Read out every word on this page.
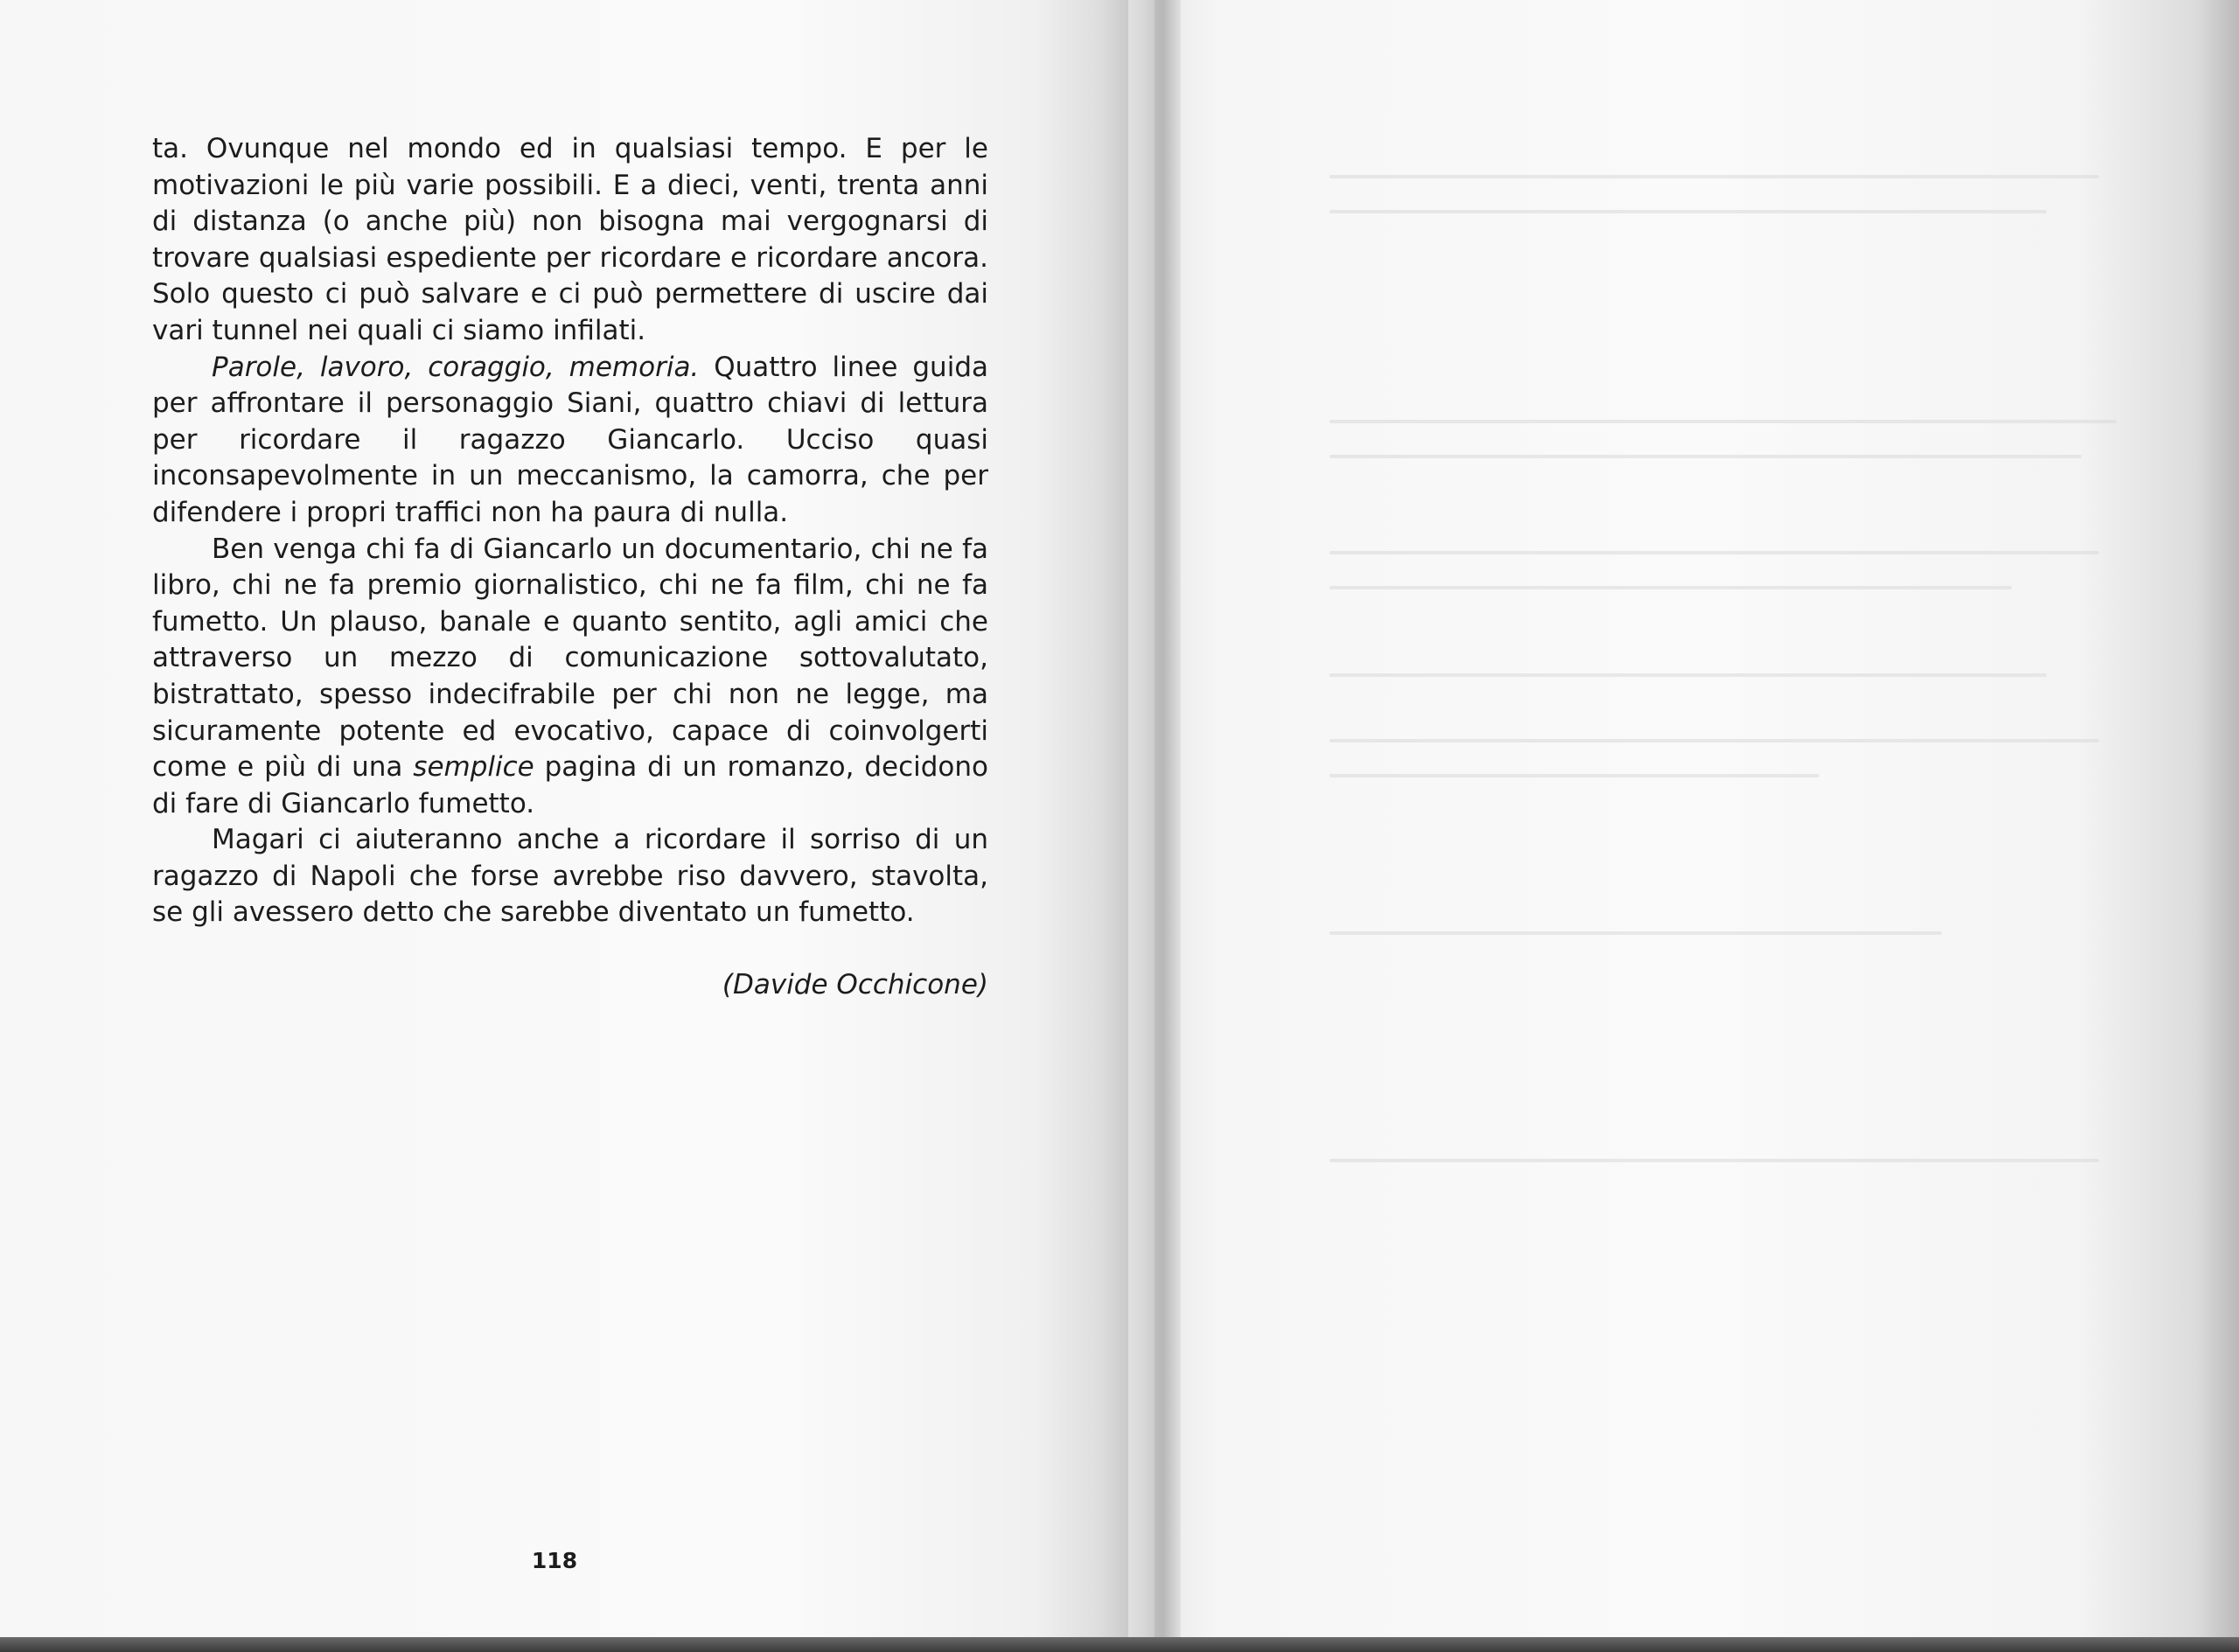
ta. Ovunque nel mondo ed in qualsiasi tempo. E per le motivazioni le più varie possibili. E a dieci, venti, trenta anni di distanza (o anche più) non bisogna mai vergognarsi di trovare qualsiasi espediente per ricordare e ricordare ancora. Solo questo ci può salvare e ci può permettere di uscire dai vari tunnel nei quali ci siamo infilati.

Parole, lavoro, coraggio, memoria. Quattro linee guida per affrontare il personaggio Siani, quattro chiavi di lettura per ricordare il ragazzo Giancarlo. Ucciso quasi inconsapevolmente in un meccanismo, la camorra, che per difendere i propri traffici non ha paura di nulla.

Ben venga chi fa di Giancarlo un documentario, chi ne fa libro, chi ne fa premio giornalistico, chi ne fa film, chi ne fa fumetto. Un plauso, banale e quanto sentito, agli amici che attraverso un mezzo di comunicazione sottovalutato, bistrattato, spesso indecifrabile per chi non ne legge, ma sicuramente potente ed evocativo, capace di coinvolgerti come e più di una semplice pagina di un romanzo, decidono di fare di Giancarlo fumetto.

Magari ci aiuteranno anche a ricordare il sorriso di un ragazzo di Napoli che forse avrebbe riso davvero, stavolta, se gli avessero detto che sarebbe diventato un fumetto.

(Davide Occhicone)

118
